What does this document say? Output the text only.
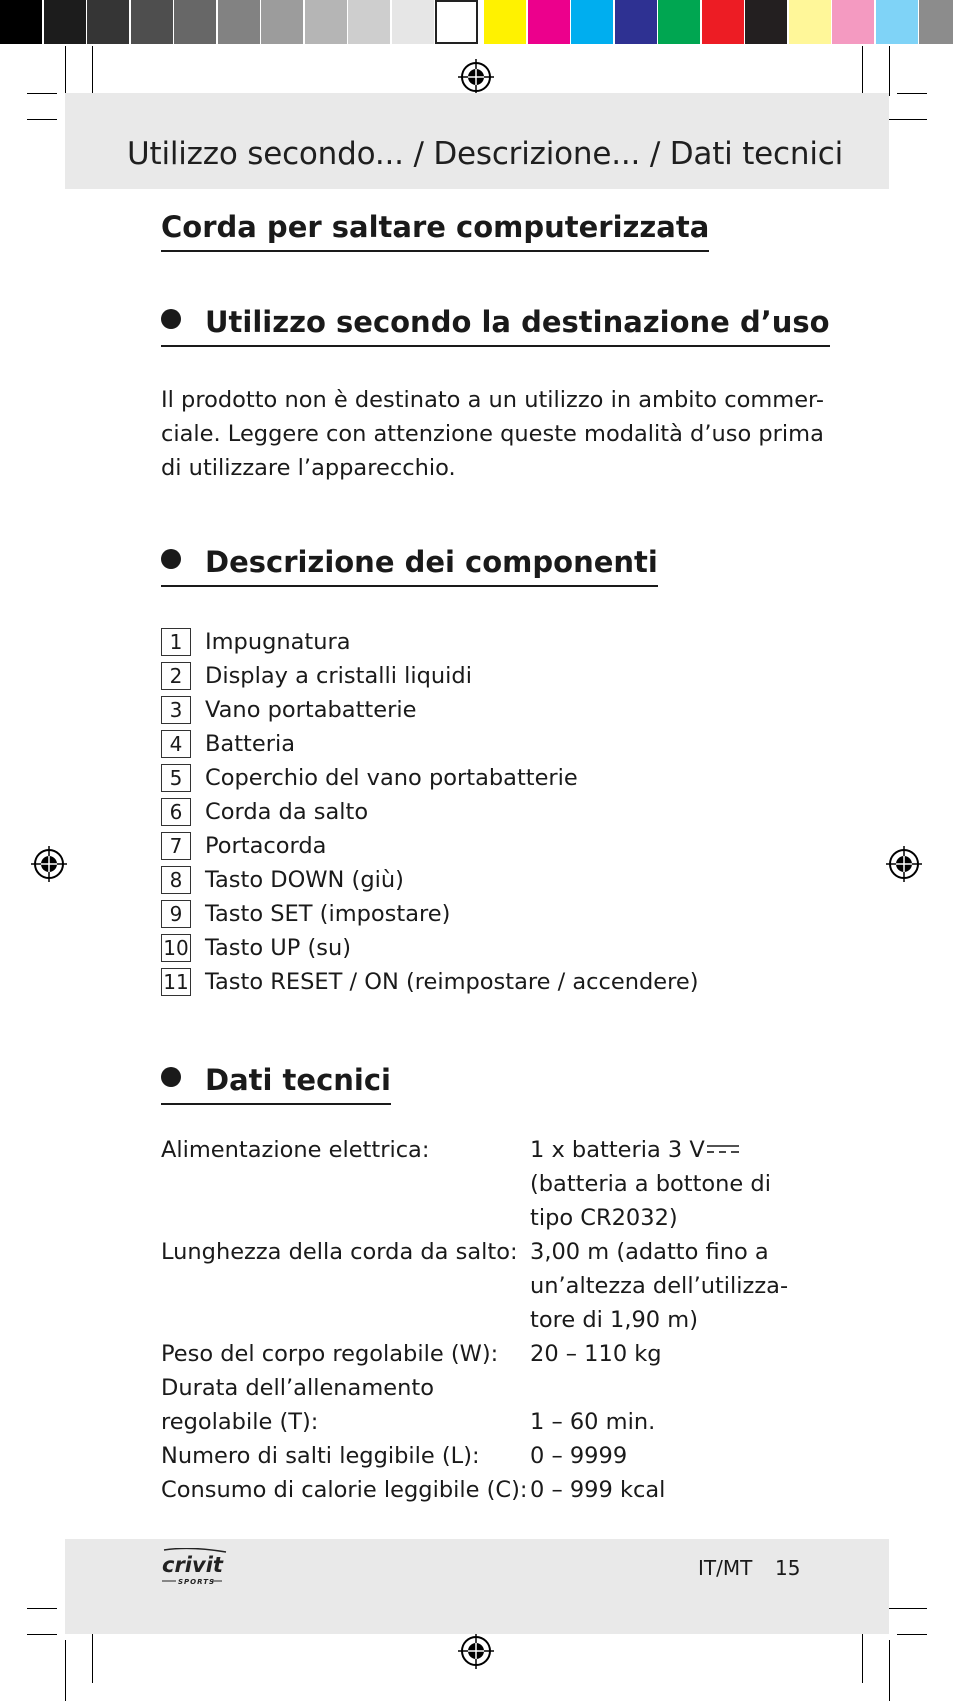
Utilizzo secondo... / Descrizione... / Dati tecnici
Corda per saltare computerizzata
Utilizzo secondo la destinazione d’uso
Il prodotto non è destinato a un utilizzo in ambito commer-
ciale. Leggere con attenzione queste modalità d’uso prima
di utilizzare l’apparecchio.
Descrizione dei componenti
1	Impugnatura
2	Display a cristalli liquidi
3	Vano portabatterie
4	Batteria
5	Coperchio del vano portabatterie
6	Corda da salto
7	Portacorda
8	Tasto DOWN (giù)
9	Tasto SET (impostare)
10 Tasto UP (su)
11 Tasto RESET / ON (reimpostare / accendere)
Dati tecnici
Alimentazione elettrica:	1 x batteria 3 V
(batteria a bottone di
tipo CR2032)
Lunghezza della corda da salto: 3,00 m (adatto fino a
un’altezza dell’utilizza-
tore di 1,90 m)
Peso del corpo regolabile (W):	20 – 110 kg
Durata dell’allenamento
regolabile (T):	1 – 60 min.
Numero di salti leggibile (L):	0 – 9999
Consumo di calorie leggibile (C): 0 – 999 kcal
crivit
SPORTS
IT/MT 15
